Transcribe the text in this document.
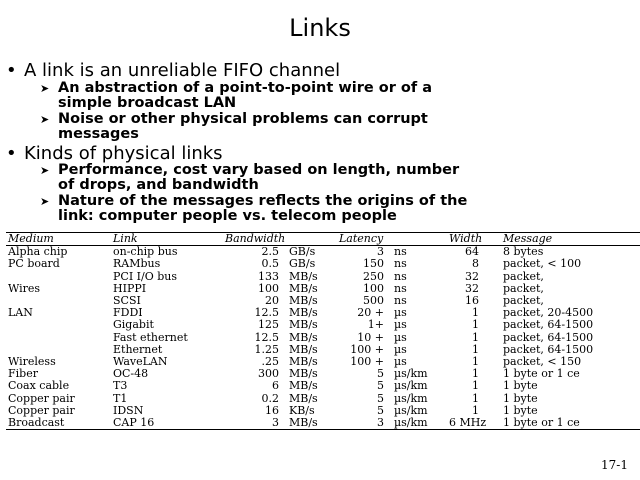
Links
• A link is an unreliable FIFO channel
➤ An abstraction of a point-to-point wire or of a
simple broadcast LAN
➤ Noise or other physical problems can corrupt
messages
• Kinds of physical links
➤ Performance, cost vary based on length, number
of drops, and bandwidth
➤ Nature of the messages reflects the origins of the
link: computer people vs. telecom people
Medium	Link	Bandwidth		Latency		Width	Message
Alpha chip	on-chip bus	2.5	GB/s	3	ns	64	8 bytes
PC board	RAMbus	0.5	GB/s	150	ns	8	packet, < 100
	PCI I/O bus	133	MB/s	250	ns	32	packet,
Wires	HIPPI	100	MB/s	100	ns	32	packet,
	SCSI	20	MB/s	500	ns	16	packet,
LAN	FDDI	12.5	MB/s	20 +	µs	1	packet, 20-4500
	Gigabit	125	MB/s	1+	µs	1	packet, 64-1500
	Fast ethernet	12.5	MB/s	10 +	µs	1	packet, 64-1500
	Ethernet	1.25	MB/s	100 +	µs	1	packet, 64-1500
Wireless	WaveLAN	.25	MB/s	100 +	µs	1	packet, < 150
Fiber	OC-48	300	MB/s	5	µs/km	1	1 byte or 1 ce
Coax cable	T3	6	MB/s	5	µs/km	1	1 byte
Copper pair	T1	0.2	MB/s	5	µs/km	1	1 byte
Copper pair	IDSN	16	KB/s	5	µs/km	1	1 byte
Broadcast	CAP 16	3	MB/s	3	µs/km	6 MHz	1 byte or 1 ce
17-1
